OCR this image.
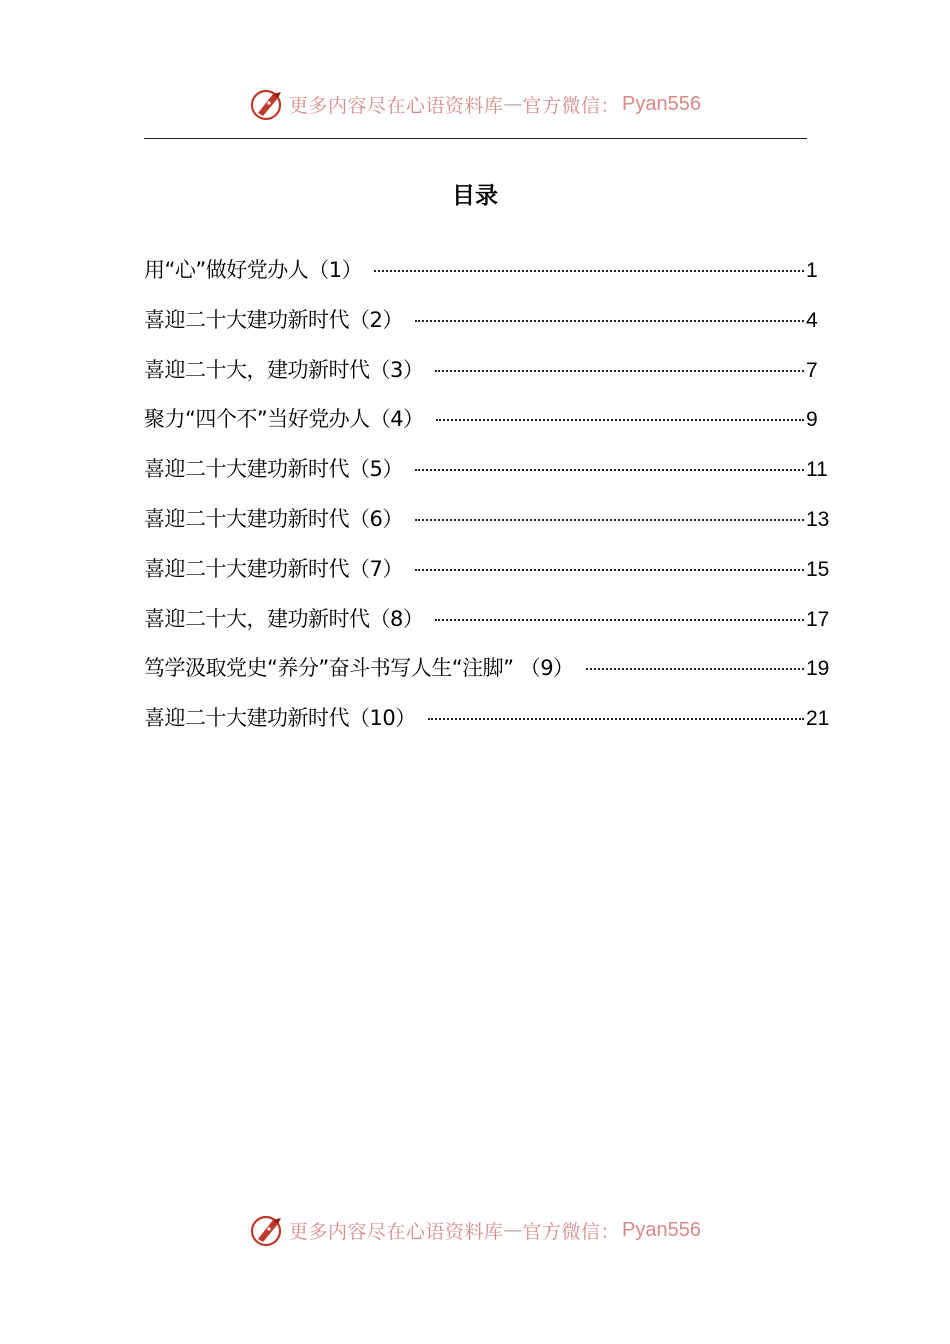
更多内容尽在心语资料库 — 官方微信： Pyan556
目录
用“心”做好党办人（1）	1
喜迎二十大建功新时代（2）	4
喜迎二十大，建功新时代（3）	7
聚力“四个不”当好党办人（4）	9
喜迎二十大建功新时代（5）	11
喜迎二十大建功新时代（6）	13
喜迎二十大建功新时代（7）	15
喜迎二十大，建功新时代（8）	17
笃学汲取党史“养分”奋斗书写人生“注脚” （9）	19
喜迎二十大建功新时代（10）	21
更多内容尽在心语资料库 — 官方微信： Pyan556
